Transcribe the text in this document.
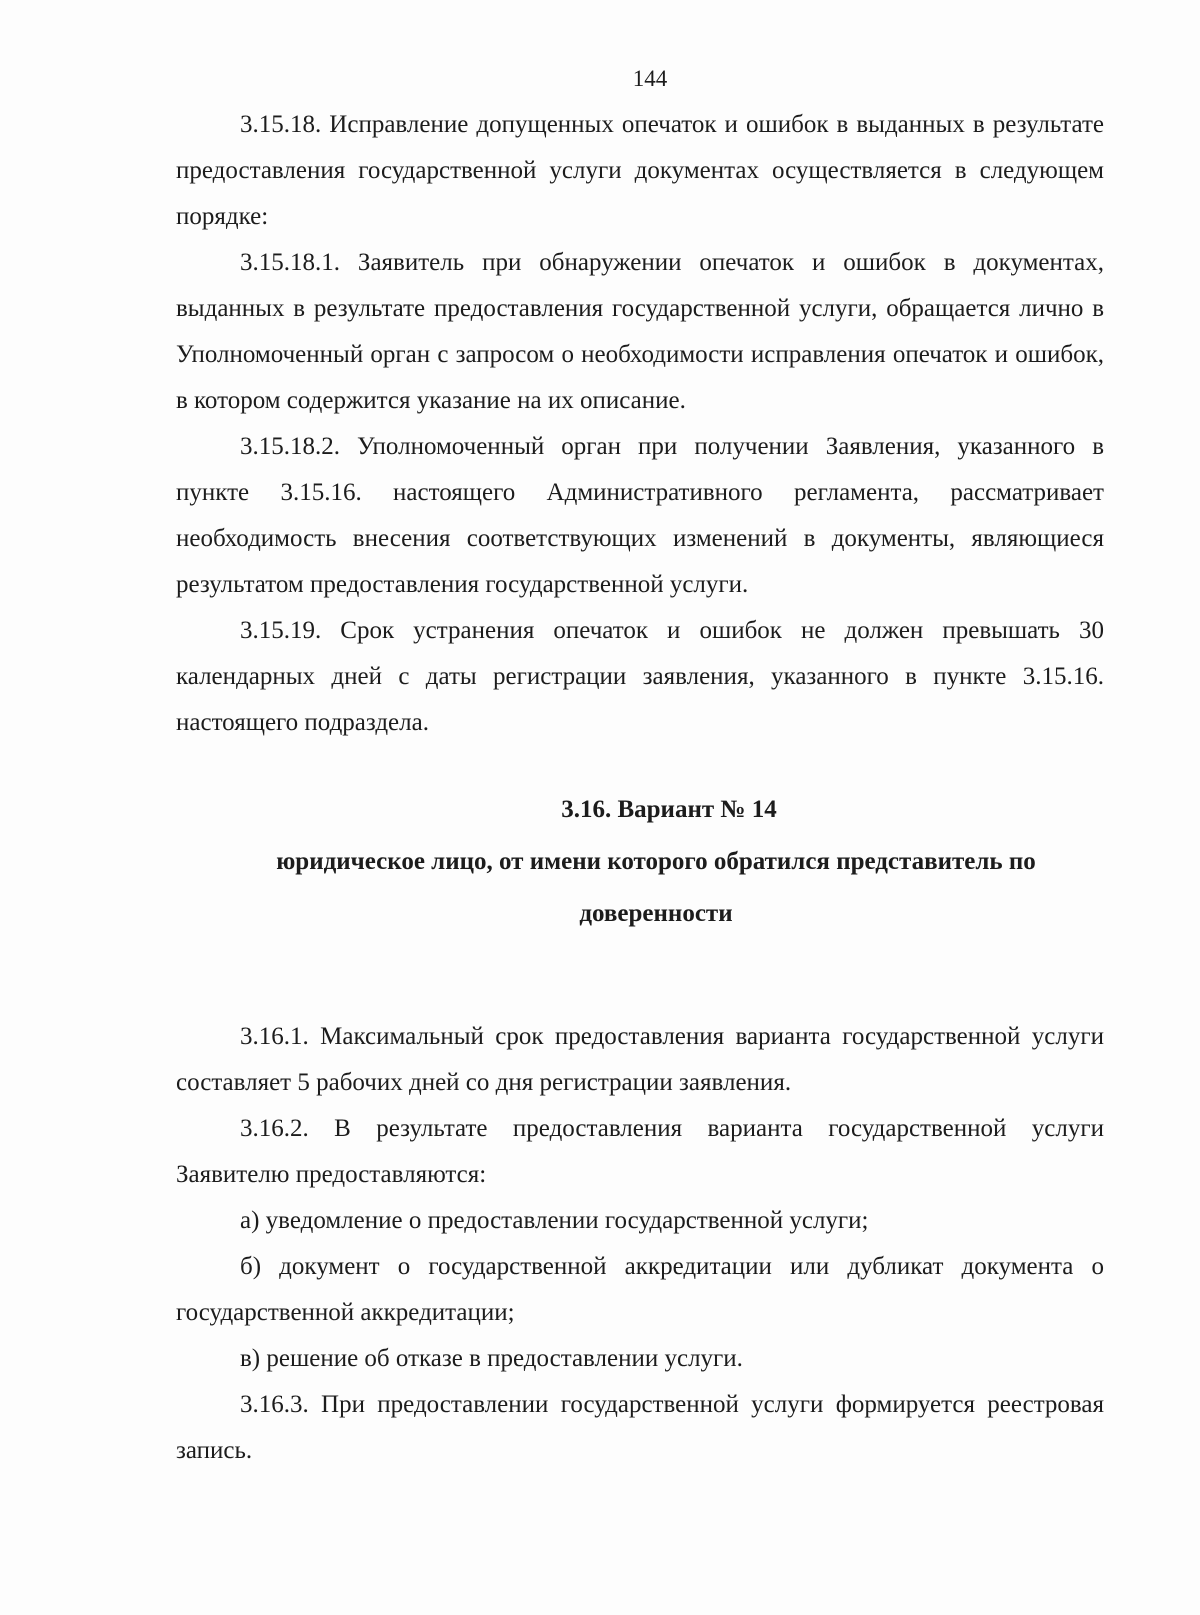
144

3.15.18. Исправление допущенных опечаток и ошибок в выданных в результате предоставления государственной услуги документах осуществляется в следующем порядке:

3.15.18.1. Заявитель при обнаружении опечаток и ошибок в документах, выданных в результате предоставления государственной услуги, обращается лично в Уполномоченный орган с запросом о необходимости исправления опечаток и ошибок, в котором содержится указание на их описание.

3.15.18.2. Уполномоченный орган при получении Заявления, указанного в пункте 3.15.16. настоящего Административного регламента, рассматривает необходимость внесения соответствующих изменений в документы, являющиеся результатом предоставления государственной услуги.

3.15.19. Срок устранения опечаток и ошибок не должен превышать 30 календарных дней с даты регистрации заявления, указанного в пункте 3.15.16. настоящего подраздела.

3.16. Вариант № 14
юридическое лицо, от имени которого обратился представитель по доверенности

3.16.1. Максимальный срок предоставления варианта государственной услуги составляет 5 рабочих дней со дня регистрации заявления.

3.16.2. В результате предоставления варианта государственной услуги Заявителю предоставляются:

а) уведомление о предоставлении государственной услуги;

б) документ о государственной аккредитации или дубликат документа о государственной аккредитации;

в) решение об отказе в предоставлении услуги.

3.16.3. При предоставлении государственной услуги формируется реестровая запись.
